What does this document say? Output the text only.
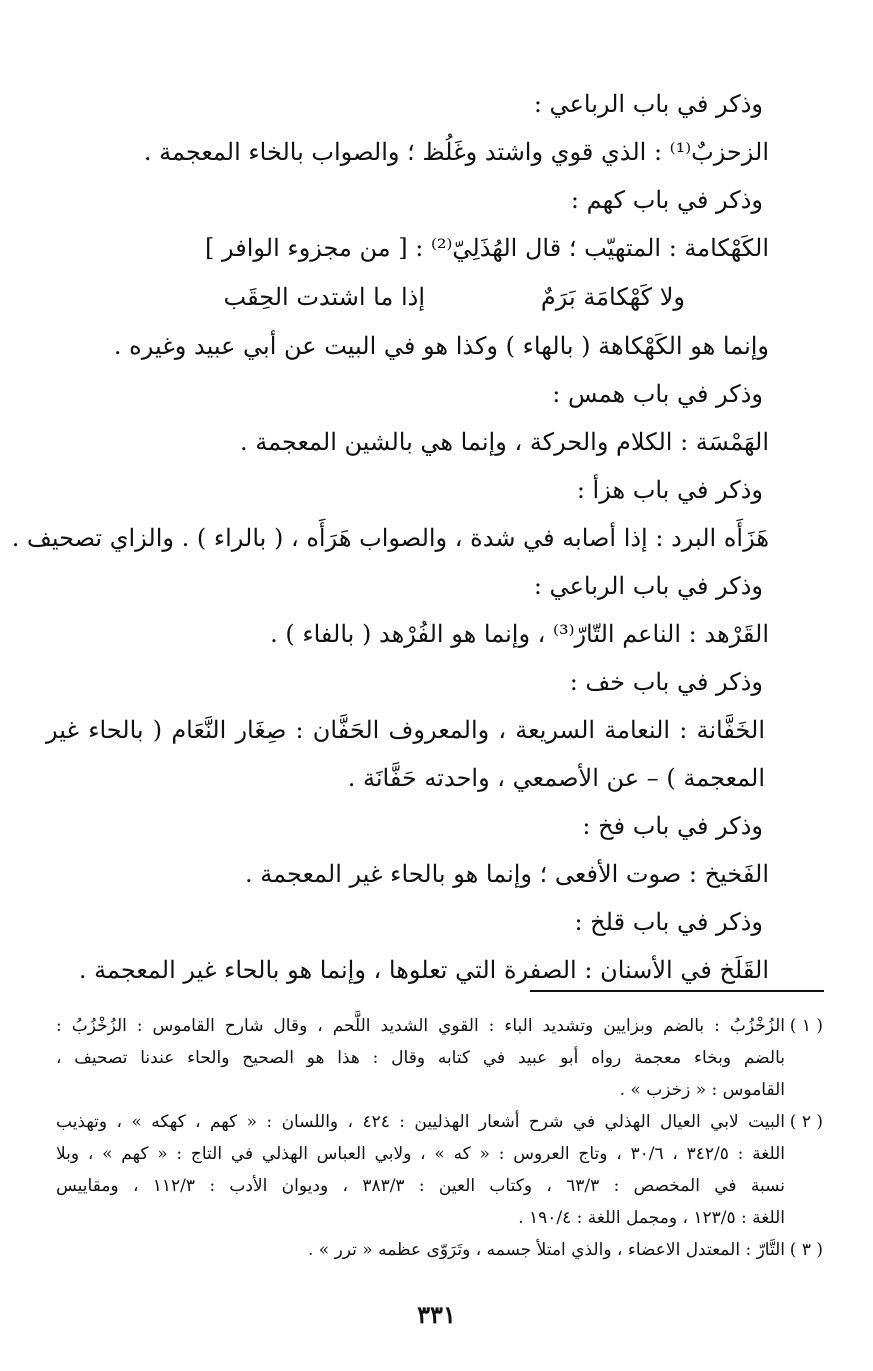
وذكر في باب الرباعي :
الزحزبٌ⁽¹⁾ : الذي قوي واشتد وغَلُظ ؛ والصواب بالخاء المعجمة .
وذكر في باب كهم :
الكَهْكامة : المتهيّب ؛ قال الهُذَلِيّ⁽²⁾ : [ من مجزوء الوافر ]
ولا كَهْكامَة بَرَمٌ
إذا ما اشتدت الحِقَب
وإنما هو الكَهْكاهة ( بالهاء ) وكذا هو في البيت عن أبي عبيد وغيره .
وذكر في باب همس :
الهَمْسَة : الكلام والحركة ، وإنما هي بالشين المعجمة .
وذكر في باب هزأ :
هَزَأَه البرد : إذا أصابه في شدة ، والصواب هَرَأَه ، ( بالراء ) . والزاي تصحيف .
وذكر في باب الرباعي :
القَرْهد : الناعم التّارّ⁽³⁾ ، وإنما هو الفُرْهد ( بالفاء ) .
وذكر في باب خف :
الخَفَّانة : النعامة السريعة ، والمعروف الحَفَّان : صِغَار النَّعَام ( بالحاء غير
المعجمة ) – عن الأصمعي ، واحدته حَفَّانَة .
وذكر في باب فخ :
الفَخيخ : صوت الأفعى ؛ وإنما هو بالحاء غير المعجمة .
وذكر في باب قلخ :
القَلَخ في الأسنان : الصفرة التي تعلوها ، وإنما هو بالحاء غير المعجمة .
( ١ )
الزُخْزُبُ : بالضم وبزايين وتشديد الباء : القوي الشديد اللَّحم ، وقال شارح القاموس : الزُخْزُبُ :
بالضم وبخاء معجمة رواه أبو عبيد في كتابه وقال : هذا هو الصحيح والحاء عندنا تصحيف ،
القاموس : « زخزب » .
( ٢ )
البيت لابي العيال الهذلي في شرح أشعار الهذليين : ٤٢٤ ، واللسان : « كهم ، كهكه » ، وتهذيب
اللغة : ٣٤٢/٥ ، ٣٠/٦ ، وتاج العروس : « كه » ، ولابي العباس الهذلي في التاج : « كهم » ، وبلا
نسبة في المخصص : ٦٣/٣ ، وكتاب العين : ٣٨٣/٣ ، وديوان الأدب : ١١٢/٣ ، ومقاييس
اللغة : ١٢٣/٥ ، ومجمل اللغة : ١٩٠/٤ .
( ٣ )
التَّارّ : المعتدل الاعضاء ، والذي امتلأ جسمه ، وتَرَوّى عظمه « ترر » .
٣٣١
